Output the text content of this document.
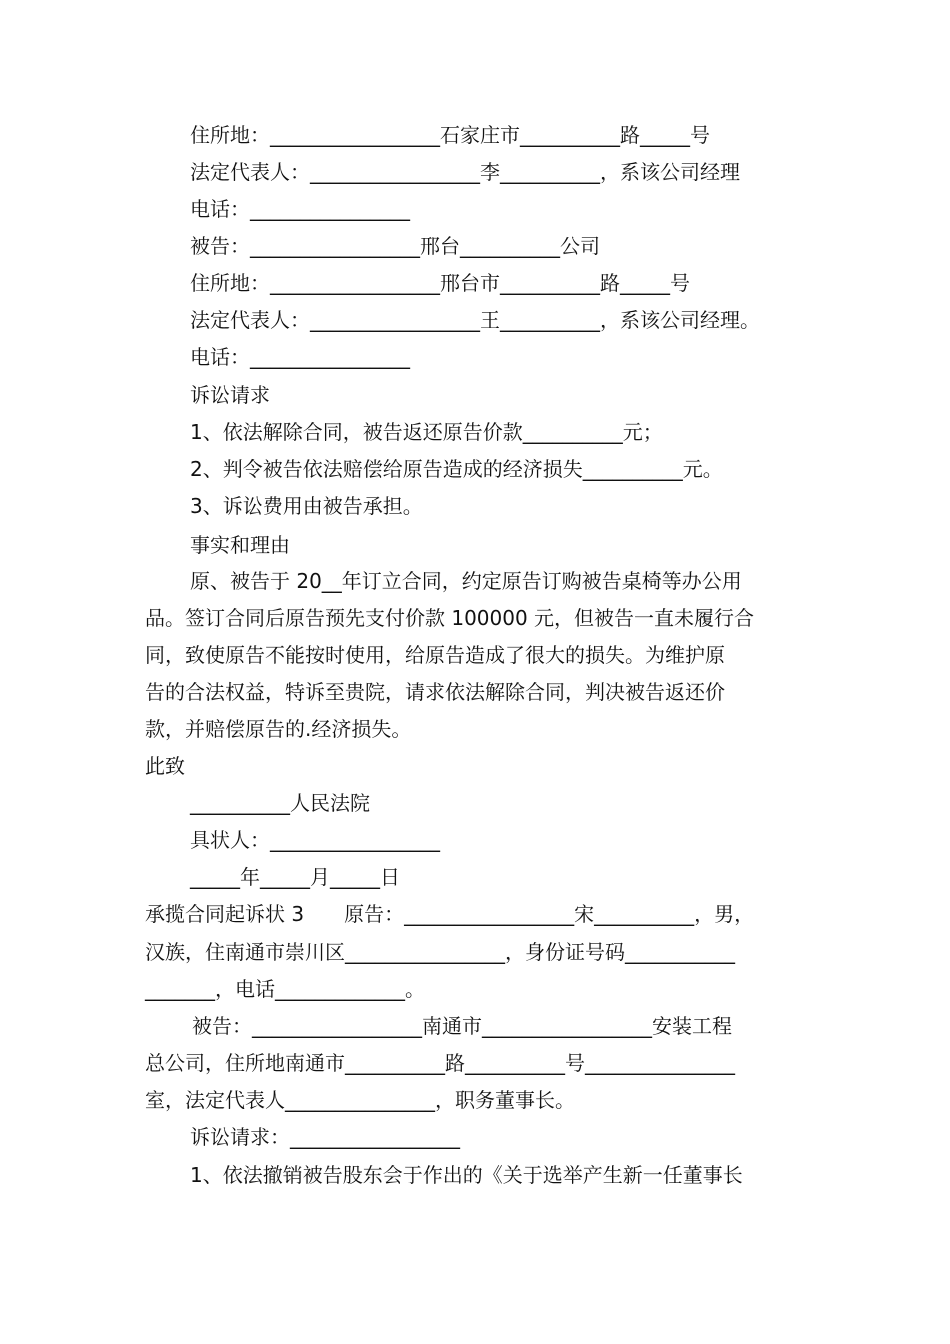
住所地：_________________石家庄市__________路_____号
法定代表人：_________________李__________，系该公司经理
电话：________________
被告：_________________邢台__________公司
住所地：_________________邢台市__________路_____号
法定代表人：_________________王__________，系该公司经理。
电话：________________
诉讼请求
1、依法解除合同，被告返还原告价款__________元；
2、判令被告依法赔偿给原告造成的经济损失__________元。
3、诉讼费用由被告承担。
事实和理由
原、被告于 20__年订立合同，约定原告订购被告桌椅等办公用
品。签订合同后原告预先支付价款 100000 元，但被告一直未履行合
同，致使原告不能按时使用，给原告造成了很大的损失。为维护原
告的合法权益，特诉至贵院，请求依法解除合同，判决被告返还价
款，并赔偿原告的.经济损失。
此致
__________人民法院
具状人：_________________
_____年_____月_____日
承揽合同起诉状 3　　原告：_________________宋__________，男，
汉族，住南通市崇川区________________，身份证号码___________
_______，电话_____________。
被告：_________________南通市_________________安装工程
总公司，住所地南通市__________路__________号_______________
室，法定代表人_______________，职务董事长。
诉讼请求：_________________
1、依法撤销被告股东会于作出的《关于选举产生新一任董事长
